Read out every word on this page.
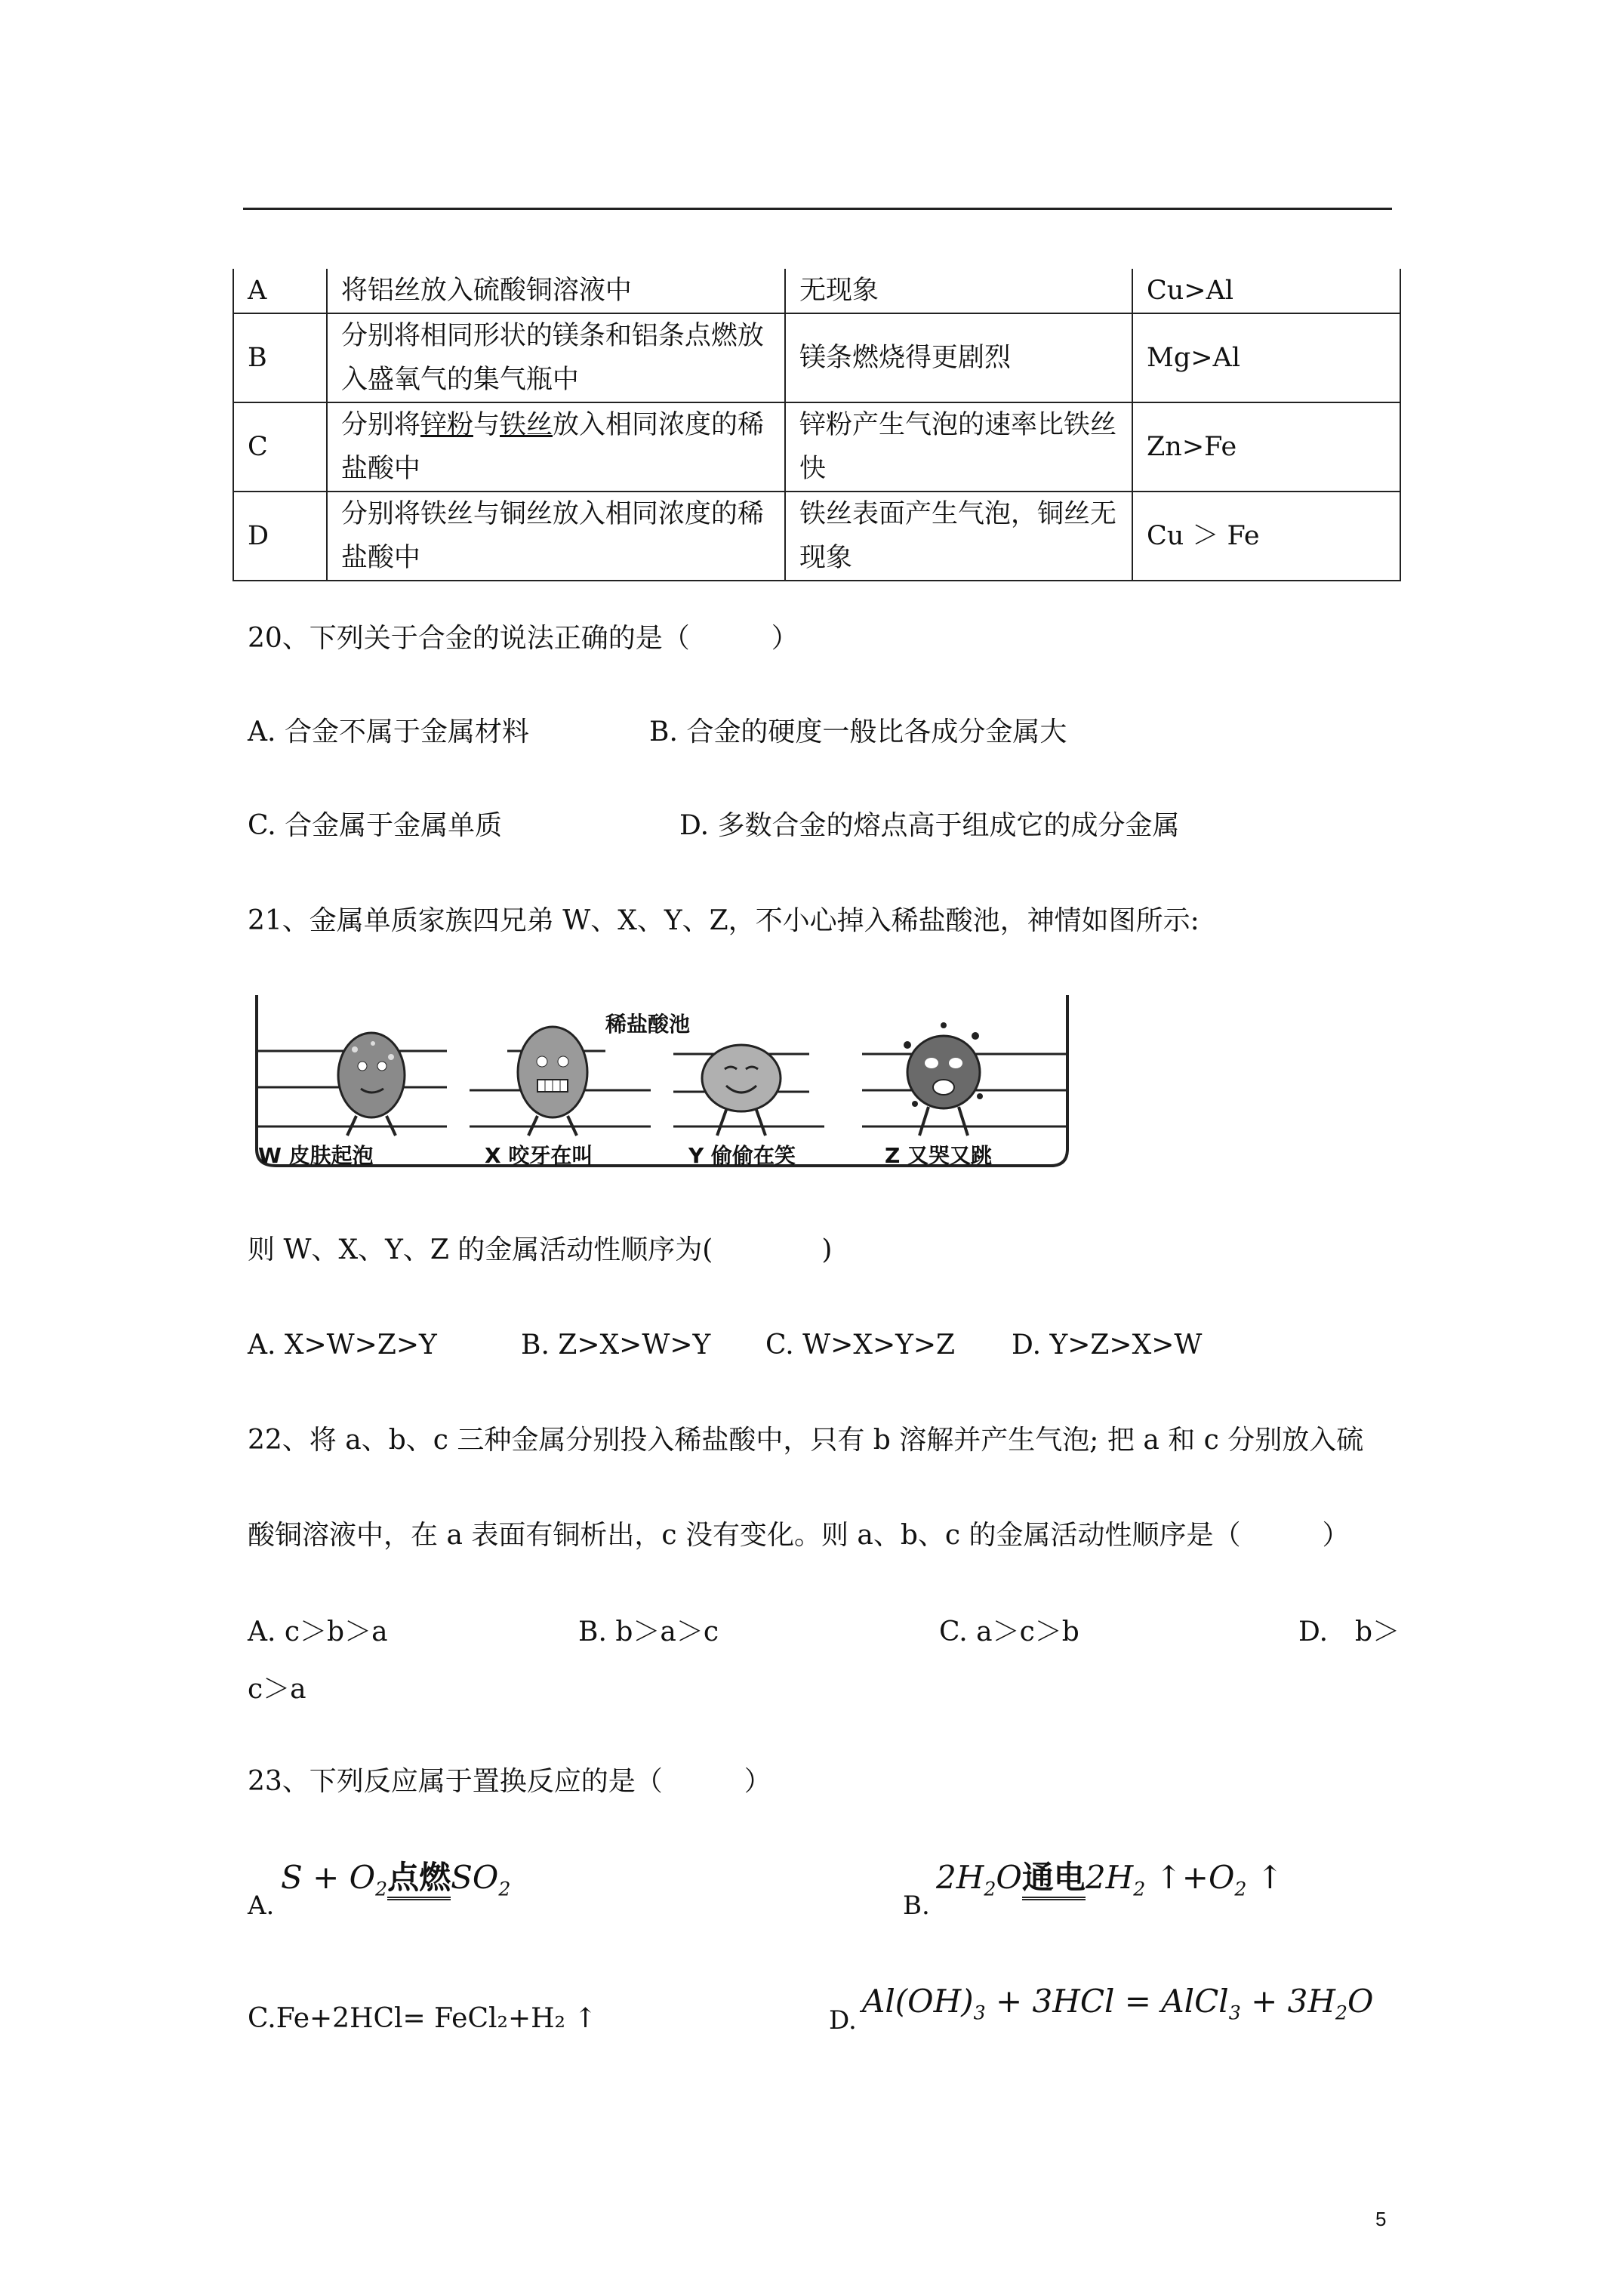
A	将铝丝放入硫酸铜溶液中	无现象	Cu>Al
B	分别将相同形状的镁条和铝条点燃放入盛氧气的集气瓶中	镁条燃烧得更剧烈	Mg>Al
C	分别将锌粉与铁丝放入相同浓度的稀盐酸中	锌粉产生气泡的速率比铁丝快	Zn>Fe
D	分别将铁丝与铜丝放入相同浓度的稀盐酸中	铁丝表面产生气泡，铜丝无现象	Cu ＞ Fe
20、下列关于合金的说法正确的是（　　　）
A. 合金不属于金属材料	B. 合金的硬度一般比各成分金属大
C. 合金属于金属单质	D. 多数合金的熔点高于组成它的成分金属
21、金属单质家族四兄弟 W、X、Y、Z，不小心掉入稀盐酸池，神情如图所示:
稀盐酸池
W 皮肤起泡	X 咬牙在叫	Y 偷偷在笑	Z 又哭又跳
则 W、X、Y、Z 的金属活动性顺序为(　　　　)
A. X>W>Z>Y	B. Z>X>W>Y C. W>X>Y>Z D. Y>Z>X>W
22、将 a、b、c 三种金属分别投入稀盐酸中，只有 b 溶解并产生气泡; 把 a 和 c 分别放入硫
酸铜溶液中，在 a 表面有铜析出，c 没有变化。则 a、b、c 的金属活动性顺序是（　　　）
A. c＞b＞a	B. b＞a＞c	C. a＞c＞b	D.　b＞
c＞a
23、下列反应属于置换反应的是（　　　）
A.
$S + O_2$点燃$SO_2$
B.
$2H_2O$通电$2H_2$ $↑+O_2$ ↑
C.Fe+2HCl= FeCl₂+H₂ ↑	D.
$Al(OH)_3 + 3HCl$ = AlCl$_3$ + $3H_2O$
5
